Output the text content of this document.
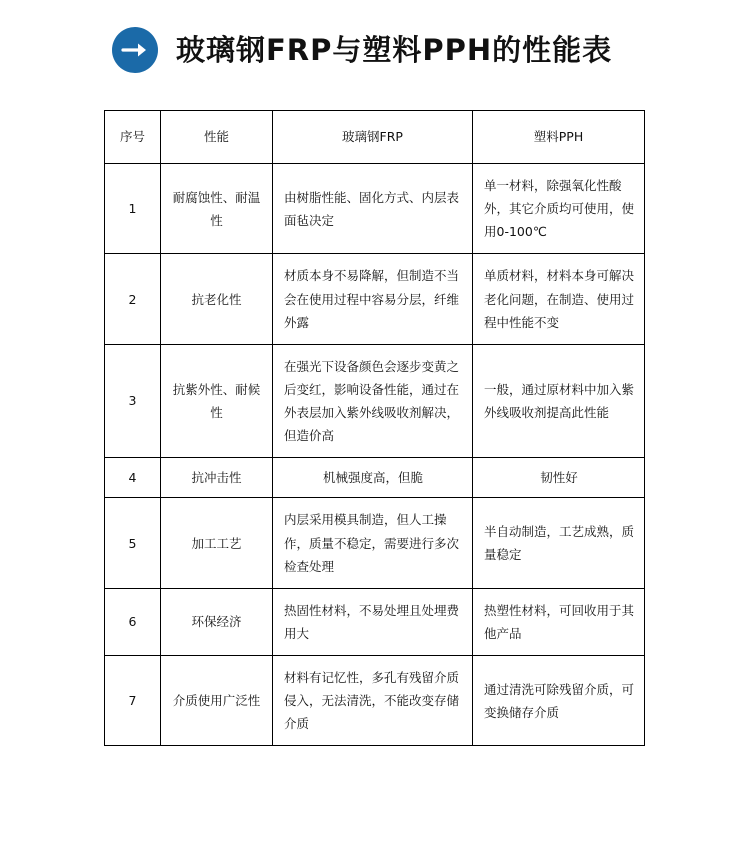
玻璃钢FRP与塑料PPH的性能表
序号	性能	玻璃钢FRP	塑料PPH
1	耐腐蚀性、耐温性	由树脂性能、固化方式、内层表面毡决定	单一材料，除强氧化性酸外，其它介质均可使用，使用0-100℃
2	抗老化性	材质本身不易降解，但制造不当会在使用过程中容易分层，纤维外露	单质材料，材料本身可解决老化问题，在制造、使用过程中性能不变
3	抗紫外性、耐候性	在强光下设备颜色会逐步变黄之后变红，影响设备性能，通过在外表层加入紫外线吸收剂解决，但造价高	一般，通过原材料中加入紫外线吸收剂提高此性能
4	抗冲击性	机械强度高，但脆	韧性好
5	加工工艺	内层采用模具制造，但人工操作，质量不稳定，需要进行多次检查处理	半自动制造，工艺成熟，质量稳定
6	环保经济	热固性材料，不易处埋且处埋费用大	热塑性材料，可回收用于其他产品
7	介质使用广泛性	材料有记忆性，多孔有残留介质侵入，无法清洗，不能改变存储介质	通过清洗可除残留介质，可变换储存介质
